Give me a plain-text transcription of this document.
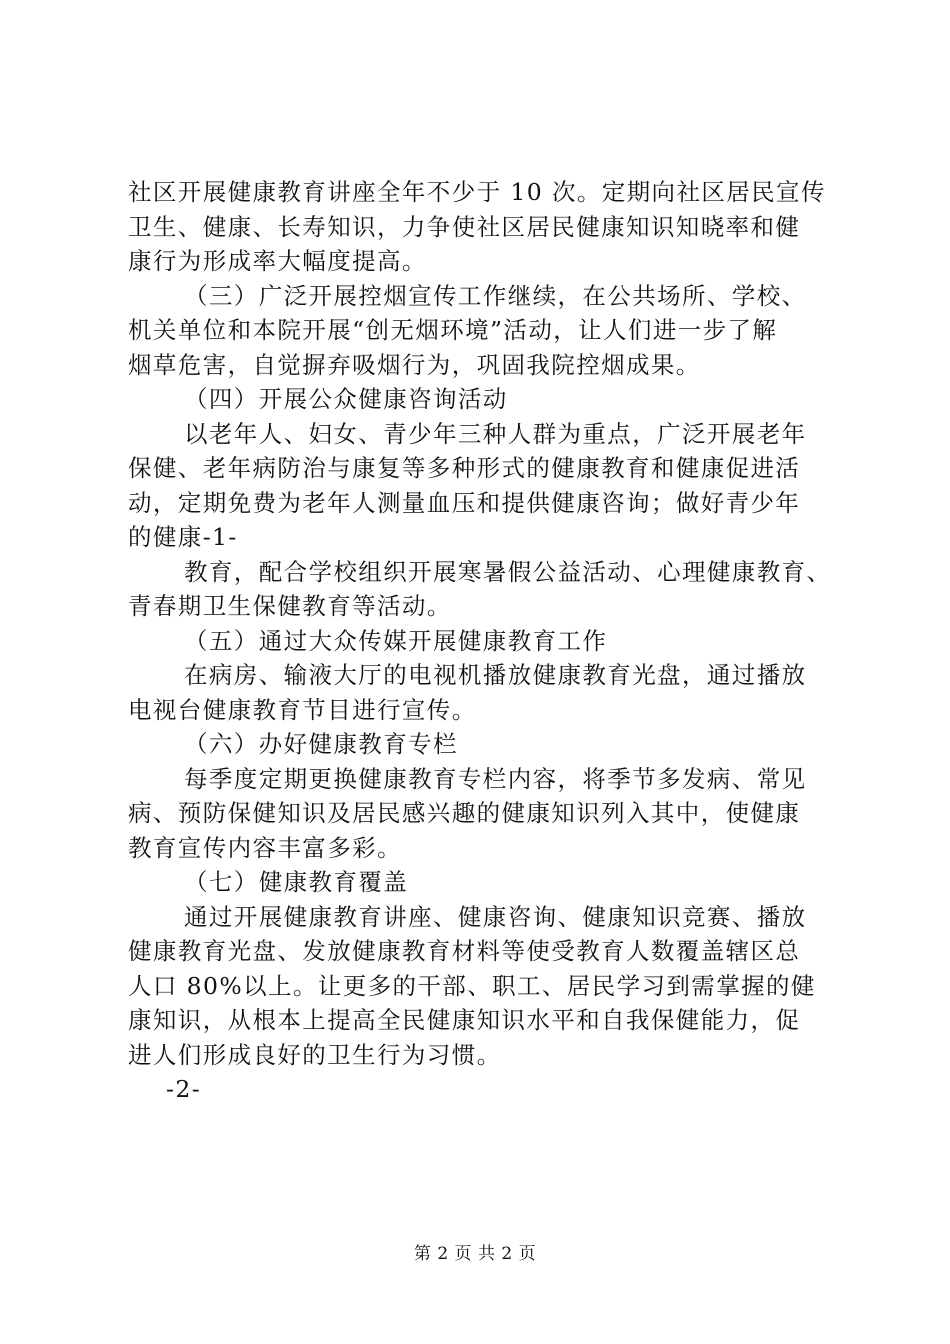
社区开展健康教育讲座全年不少于 10 次。定期向社区居民宣传
卫生、健康、长寿知识，力争使社区居民健康知识知晓率和健
康行为形成率大幅度提高。
（三）广泛开展控烟宣传工作继续，在公共场所、学校、
机关单位和本院开展“创无烟环境”活动，让人们进一步了解
烟草危害，自觉摒弃吸烟行为，巩固我院控烟成果。
（四）开展公众健康咨询活动
以老年人、妇女、青少年三种人群为重点，广泛开展老年
保健、老年病防治与康复等多种形式的健康教育和健康促进活
动，定期免费为老年人测量血压和提供健康咨询；做好青少年
的健康-1-
教育，配合学校组织开展寒暑假公益活动、心理健康教育、
青春期卫生保健教育等活动。
（五）通过大众传媒开展健康教育工作
在病房、输液大厅的电视机播放健康教育光盘，通过播放
电视台健康教育节目进行宣传。
（六）办好健康教育专栏
每季度定期更换健康教育专栏内容，将季节多发病、常见
病、预防保健知识及居民感兴趣的健康知识列入其中，使健康
教育宣传内容丰富多彩。
（七）健康教育覆盖
通过开展健康教育讲座、健康咨询、健康知识竞赛、播放
健康教育光盘、发放健康教育材料等使受教育人数覆盖辖区总
人口 80%以上。让更多的干部、职工、居民学习到需掌握的健
康知识，从根本上提高全民健康知识水平和自我保健能力，促
进人们形成良好的卫生行为习惯。
-2-
第 2 页 共 2 页
